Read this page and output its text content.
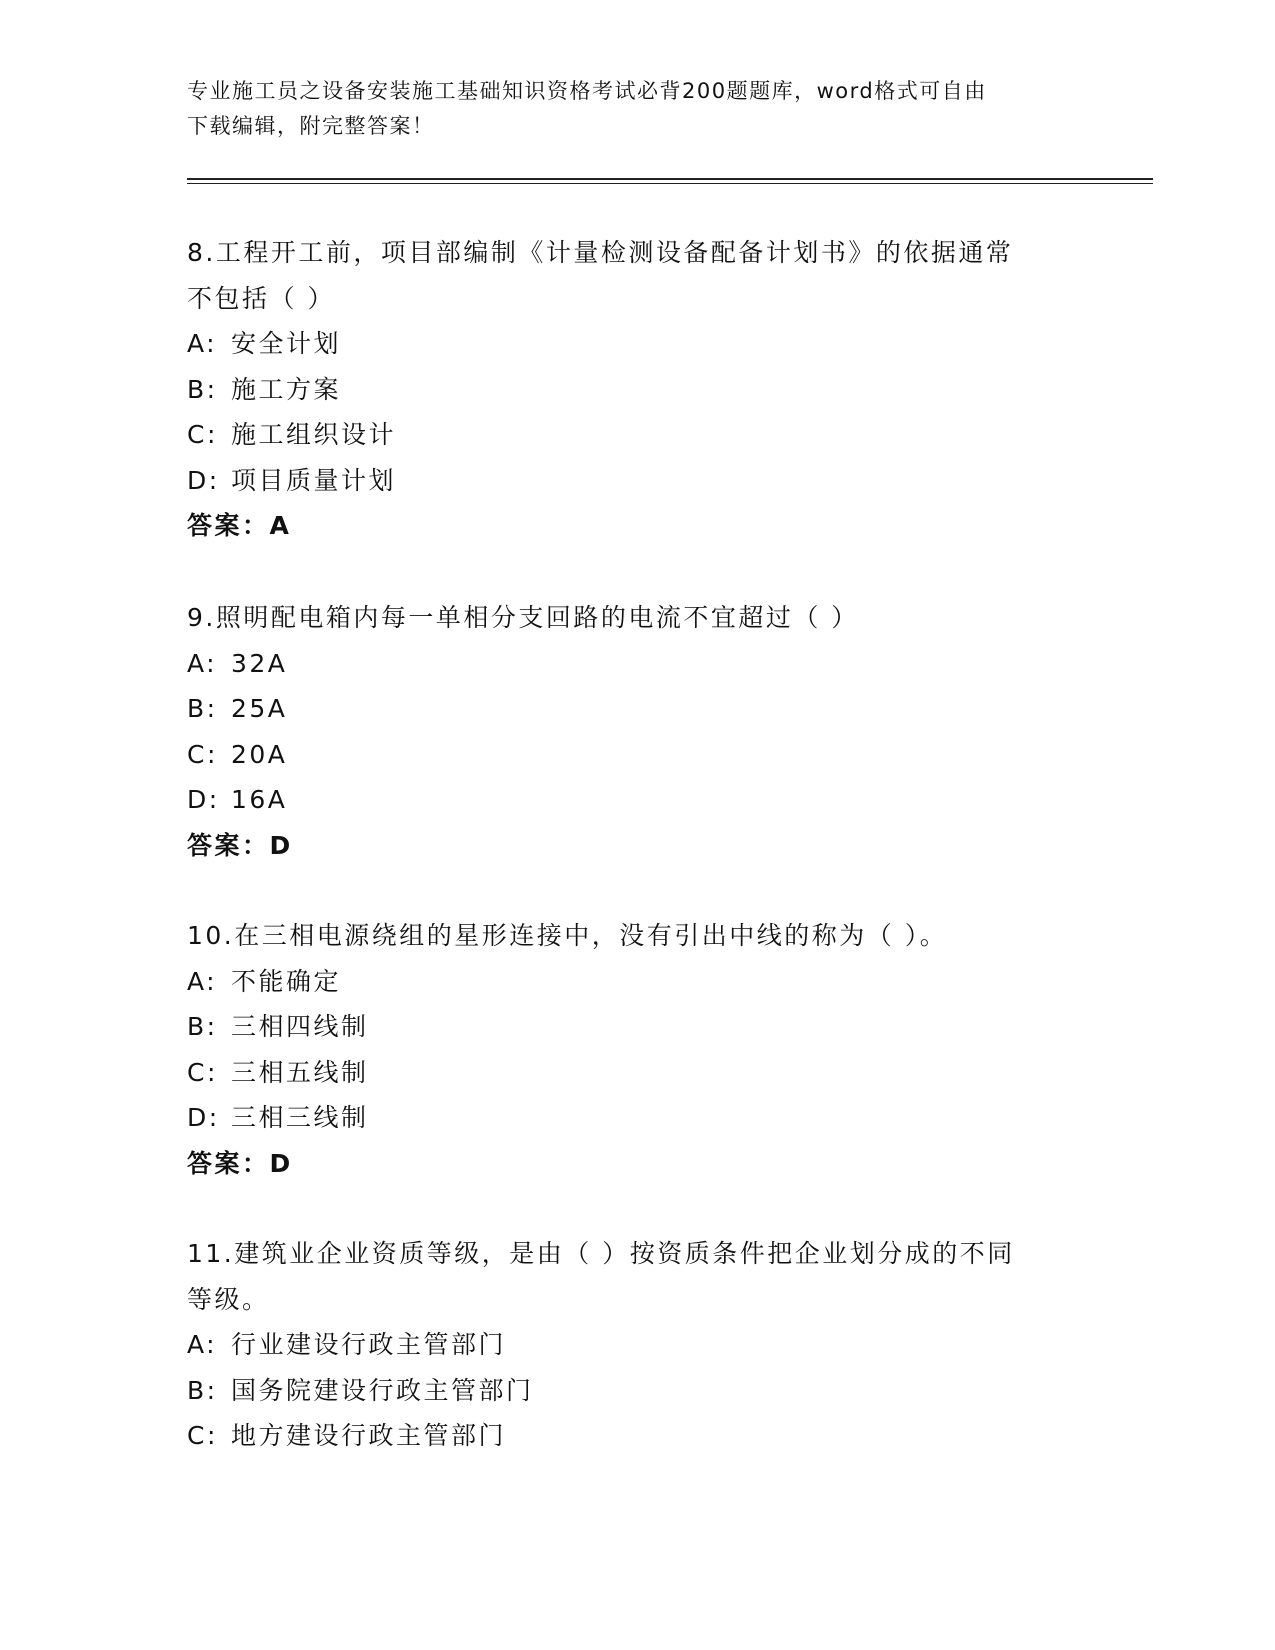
专业施工员之设备安装施工基础知识资格考试必背200题题库，word格式可自由
下载编辑，附完整答案！
8.工程开工前，项目部编制《计量检测设备配备计划书》的依据通常
不包括（ ）
A: 安全计划
B: 施工方案
C: 施工组织设计
D: 项目质量计划
答案：A
9.照明配电箱内每一单相分支回路的电流不宜超过（ ）
A: 32A
B: 25A
C: 20A
D: 16A
答案：D
10.在三相电源绕组的星形连接中，没有引出中线的称为（ ）。
A: 不能确定
B: 三相四线制
C: 三相五线制
D: 三相三线制
答案：D
11.建筑业企业资质等级，是由（ ）按资质条件把企业划分成的不同
等级。
A: 行业建设行政主管部门
B: 国务院建设行政主管部门
C: 地方建设行政主管部门
